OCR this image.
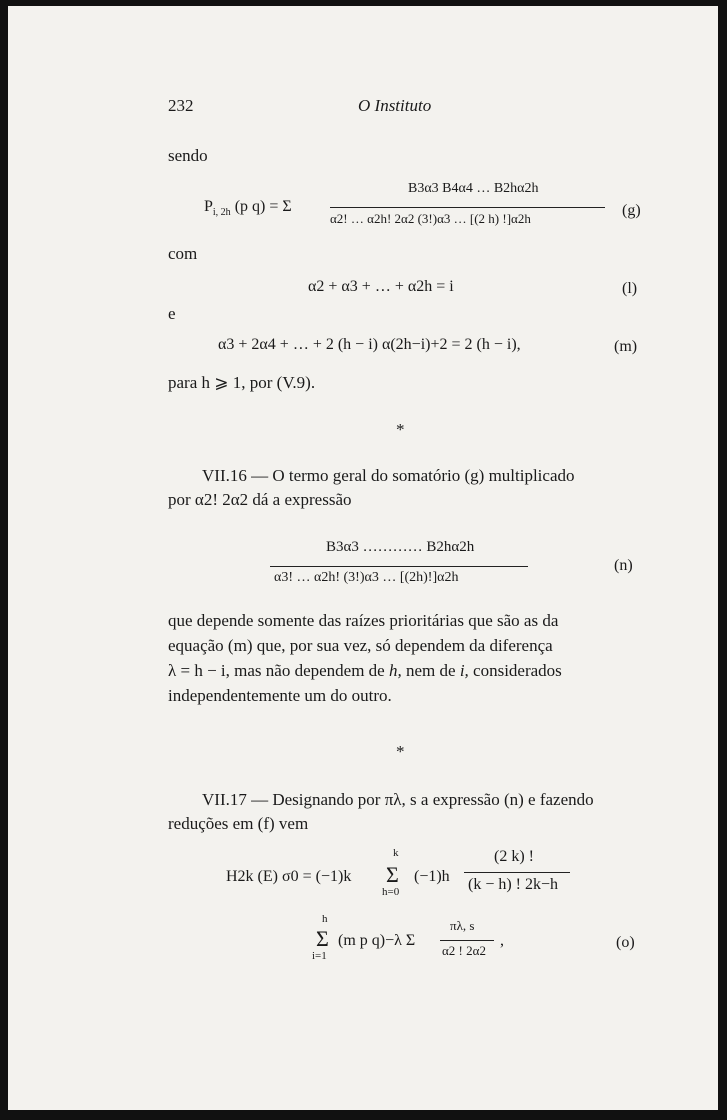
232	O Instituto
sendo
$P_{i, 2h}$ (p q) = Σ
B3α3 B4α4 … B2hα2h
α2! … α2h! 2α2 (3!)α3 … [(2 h) !]α2h	(g)
com
α2 + α3 + … + α2h = i	(l)
e
α3 + 2α4 + … + 2 (h − i) α(2h−i)+2 = 2 (h − i),	(m)
para h ⩾ 1, por (V.9).
*
VII.16 — O termo geral do somatório (g) multiplicado
por α2! 2α2 dá a expressão
B3α3 ………… B2hα2h
α3! … α2h! (3!)α3 … [(2h)!]α2h
(n)
que depende somente das raízes prioritárias que são as da
equação (m) que, por sua vez, só dependem da diferença
λ = h − i, mas não dependem de h, nem de i, considerados
independentemente um do outro.
*
VII.17 — Designando por πλ, s a expressão (n) e fazendo
reduções em (f) vem
H2k (E) σ0 = (−1)k
k
Σ
h=0
(−1)h
(2 k) !
(k − h) ! 2k−h
h
Σ
i=1
(m p q)−λ Σ
πλ, s
α2 ! 2α2
,	(o)
